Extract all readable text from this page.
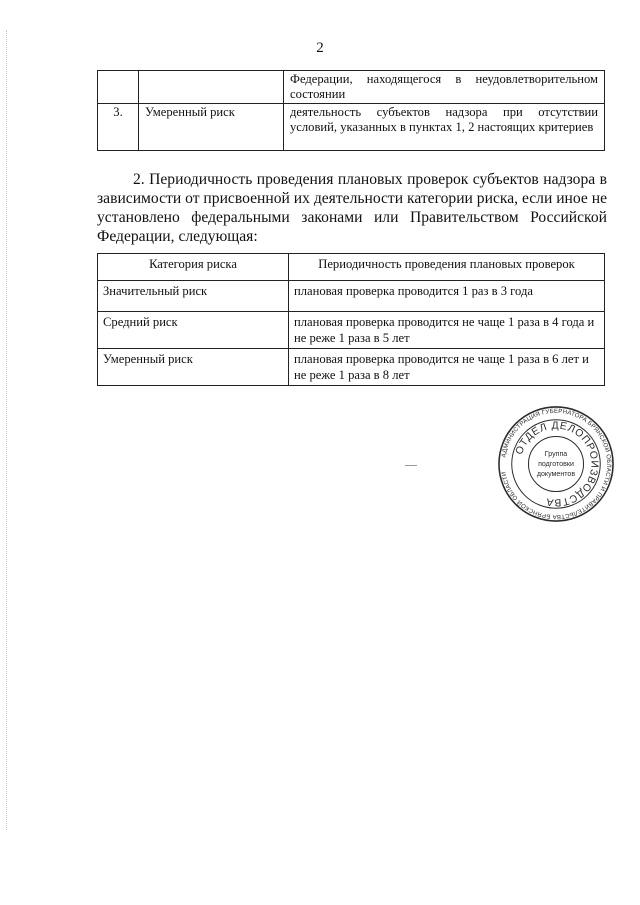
2
		Федерации, находящегося в неудовлетворительном состоянии
3.	Умеренный риск	деятельность субъектов надзора при отсутствии условий, указанных в пунктах 1, 2 настоящих критериев

2. Периодичность проведения плановых проверок субъектов надзора в зависимости от присвоенной их деятельности категории риска, если иное не установлено федеральными законами или Правительством Российской Федерации, следующая:

Категория риска	Периодичность проведения плановых проверок
Значительный риск	плановая проверка проводится 1 раз в 3 года
Средний риск	плановая проверка проводится не чаще 1 раза в 4 года и не реже 1 раза в 5 лет
Умеренный риск	плановая проверка проводится не чаще 1 раза в 6 лет и не реже 1 раза в 8 лет
АДМИНИСТРАЦИЯ ГУБЕРНАТОРА БРЯНСКОЙ ОБЛАСТИ И ПРАВИТЕЛЬСТВА БРЯНСКОЙ ОБЛАСТИ
ОТДЕЛ ДЕЛОПРОИЗВОДСТВА
Группа
подготовки
документов
